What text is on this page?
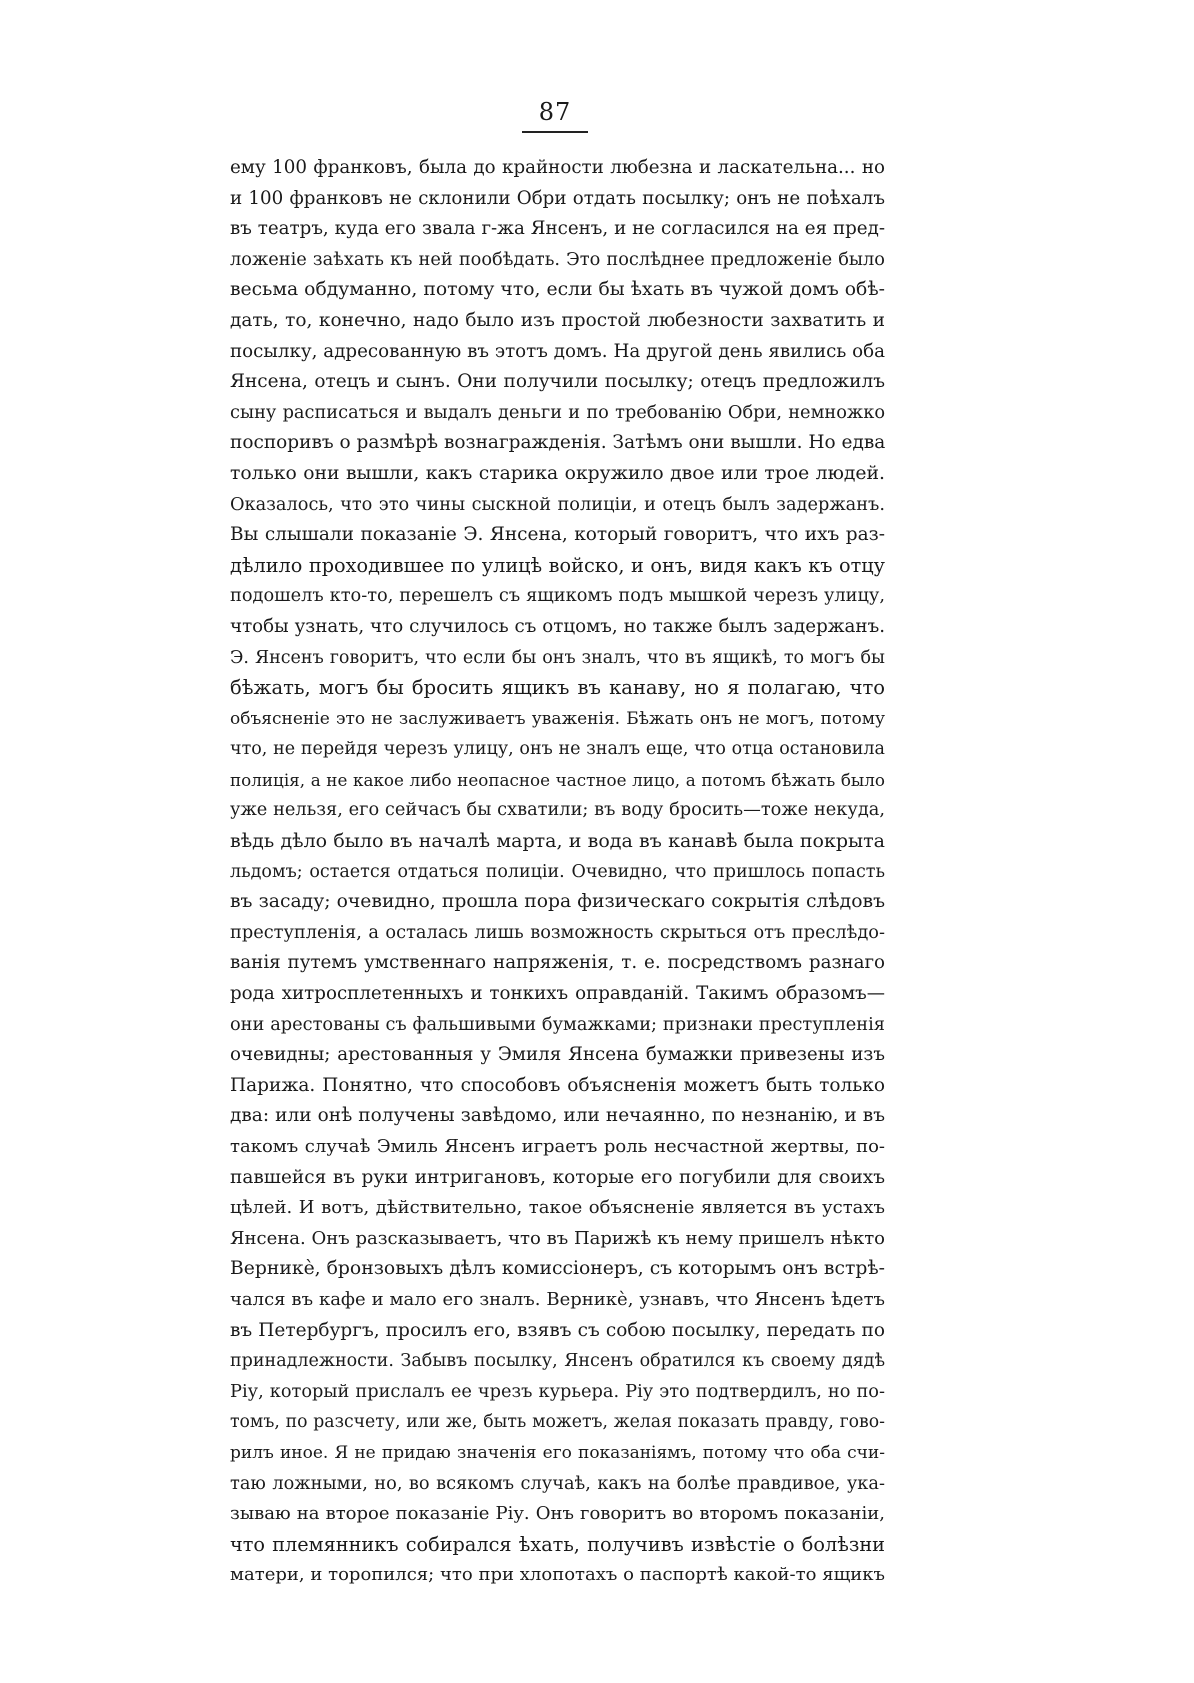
87
ему 100 франковъ, была до крайности любезна и ласкательна... но
и 100 франковъ не склонили Обри отдать посылку; онъ не поѣхалъ
въ театръ, куда его звала г-жа Янсенъ, и не согласился на ея пред-
ложеніе заѣхать къ ней пообѣдать. Это послѣднее предложеніе было
весьма обдуманно, потому что, если бы ѣхать въ чужой домъ обѣ-
дать, то, конечно, надо было изъ простой любезности захватить и
посылку, адресованную въ этотъ домъ. На другой день явились оба
Янсена, отецъ и сынъ. Они получили посылку; отецъ предложилъ
сыну расписаться и выдалъ деньги и по требованію Обри, немножко
поспоривъ о размѣрѣ вознагражденія. Затѣмъ они вышли. Но едва
только они вышли, какъ старика окружило двое или трое людей.
Оказалось, что это чины сыскной полиціи, и отецъ былъ задержанъ.
Вы слышали показаніе Э. Янсена, который говоритъ, что ихъ раз-
дѣлило проходившее по улицѣ войско, и онъ, видя какъ къ отцу
подошелъ кто-то, перешелъ съ ящикомъ подъ мышкой черезъ улицу,
чтобы узнать, что случилось съ отцомъ, но также былъ задержанъ.
Э. Янсенъ говоритъ, что если бы онъ зналъ, что въ ящикѣ, то могъ бы
бѣжать, могъ бы бросить ящикъ въ канаву, но я полагаю, что
объясненіе это не заслуживаетъ уваженія. Бѣжать онъ не могъ, потому
что, не перейдя черезъ улицу, онъ не зналъ еще, что отца остановила
полиція, а не какое либо неопасное частное лицо, а потомъ бѣжать было
уже нельзя, его сейчасъ бы схватили; въ воду бросить—тоже некуда,
вѣдь дѣло было въ началѣ марта, и вода въ канавѣ была покрыта
льдомъ; остается отдаться полиціи. Очевидно, что пришлось попасть
въ засаду; очевидно, прошла пора физическаго сокрытія слѣдовъ
преступленія, а осталась лишь возможность скрыться отъ преслѣдо-
ванія путемъ умственнаго напряженія, т. е. посредствомъ разнаго
рода хитросплетенныхъ и тонкихъ оправданій. Такимъ образомъ—
они арестованы съ фальшивыми бумажками; признаки преступленія
очевидны; арестованныя у Эмиля Янсена бумажки привезены изъ
Парижа. Понятно, что способовъ объясненія можетъ быть только
два: или онѣ получены завѣдомо, или нечаянно, по незнанію, и въ
такомъ случаѣ Эмиль Янсенъ играетъ роль несчастной жертвы, по-
павшейся въ руки интригановъ, которые его погубили для своихъ
цѣлей. И вотъ, дѣйствительно, такое объясненіе является въ устахъ
Янсена. Онъ разсказываетъ, что въ Парижѣ къ нему пришелъ нѣкто
Верникѐ, бронзовыхъ дѣлъ комиссіонеръ, съ которымъ онъ встрѣ-
чался въ кафе и мало его зналъ. Верникѐ, узнавъ, что Янсенъ ѣдетъ
въ Петербургъ, просилъ его, взявъ съ собою посылку, передать по
принадлежности. Забывъ посылку, Янсенъ обратился къ своему дядѣ
Ріу, который прислалъ ее чрезъ курьера. Ріу это подтвердилъ, но по-
томъ, по разсчету, или же, быть можетъ, желая показать правду, гово-
рилъ иное. Я не придаю значенія его показаніямъ, потому что оба счи-
таю ложными, но, во всякомъ случаѣ, какъ на болѣе правдивое, ука-
зываю на второе показаніе Ріу. Онъ говоритъ во второмъ показаніи,
что племянникъ собирался ѣхать, получивъ извѣстіе о болѣзни
матери, и торопился; что при хлопотахъ о паспортѣ какой-то ящикъ
